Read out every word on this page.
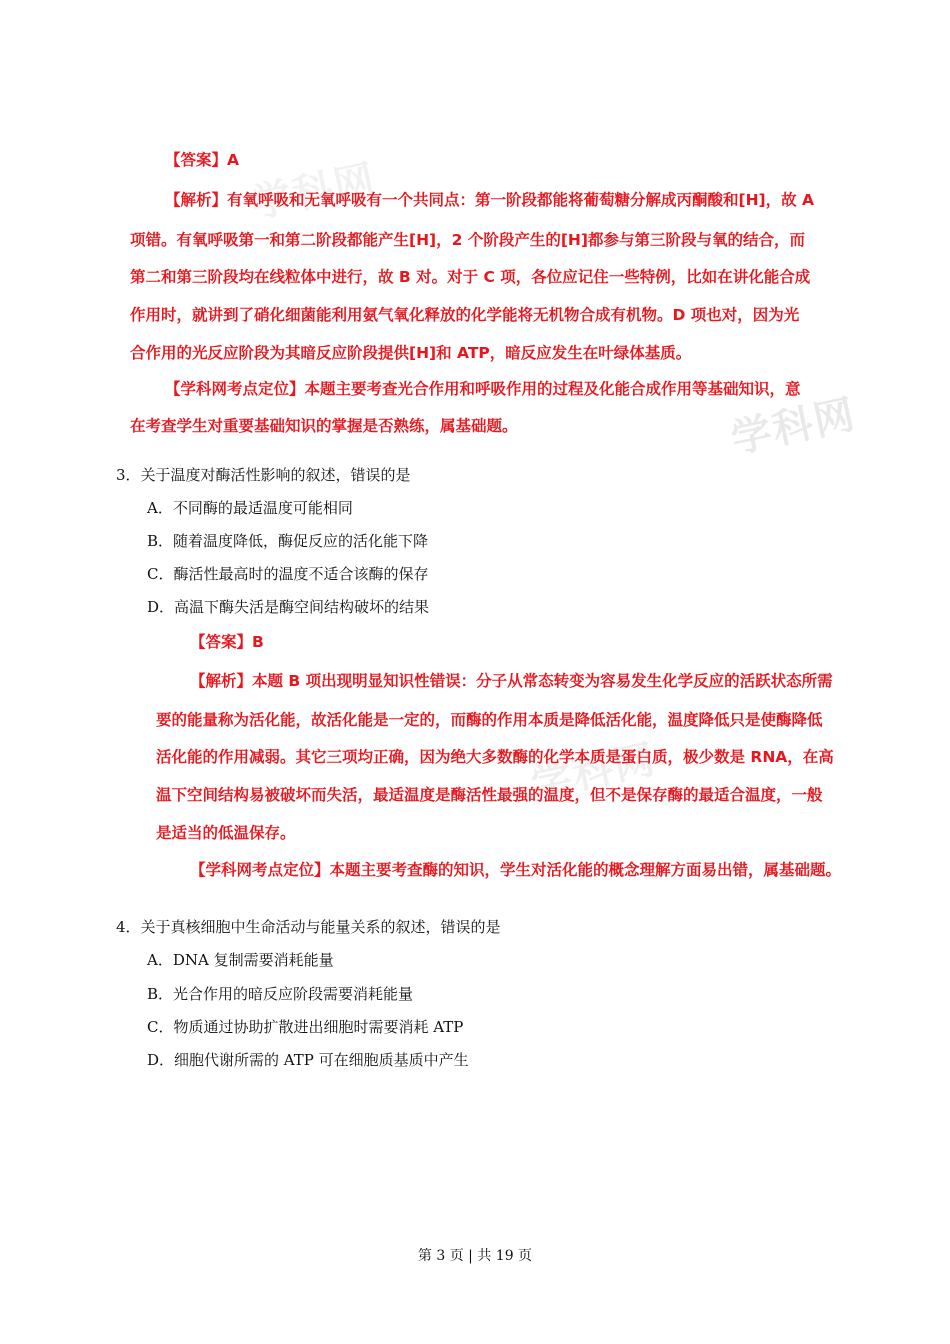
学科网
学科网
学科网
【答案】A
【解析】有氧呼吸和无氧呼吸有一个共同点：第一阶段都能将葡萄糖分解成丙酮酸和[H]，故 A
项错。有氧呼吸第一和第二阶段都能产生[H]，2 个阶段产生的[H]都参与第三阶段与氧的结合，而
第二和第三阶段均在线粒体中进行，故 B 对。对于 C 项，各位应记住一些特例，比如在讲化能合成
作用时，就讲到了硝化细菌能利用氨气氧化释放的化学能将无机物合成有机物。D 项也对，因为光
合作用的光反应阶段为其暗反应阶段提供[H]和 ATP，暗反应发生在叶绿体基质。
【学科网考点定位】本题主要考查光合作用和呼吸作用的过程及化能合成作用等基础知识，意
在考查学生对重要基础知识的掌握是否熟练，属基础题。
3．关于温度对酶活性影响的叙述，错误的是
A．不同酶的最适温度可能相同
B．随着温度降低，酶促反应的活化能下降
C．酶活性最高时的温度不适合该酶的保存
D．高温下酶失活是酶空间结构破坏的结果
【答案】B
【解析】本题 B 项出现明显知识性错误：分子从常态转变为容易发生化学反应的活跃状态所需
要的能量称为活化能，故活化能是一定的，而酶的作用本质是降低活化能，温度降低只是使酶降低
活化能的作用减弱。其它三项均正确，因为绝大多数酶的化学本质是蛋白质，极少数是 RNA，在高
温下空间结构易被破坏而失活，最适温度是酶活性最强的温度，但不是保存酶的最适合温度，一般
是适当的低温保存。
【学科网考点定位】本题主要考查酶的知识，学生对活化能的概念理解方面易出错，属基础题。
4．关于真核细胞中生命活动与能量关系的叙述，错误的是
A．DNA 复制需要消耗能量
B．光合作用的暗反应阶段需要消耗能量
C．物质通过协助扩散进出细胞时需要消耗 ATP
D．细胞代谢所需的 ATP 可在细胞质基质中产生
第 3 页 | 共 19 页
